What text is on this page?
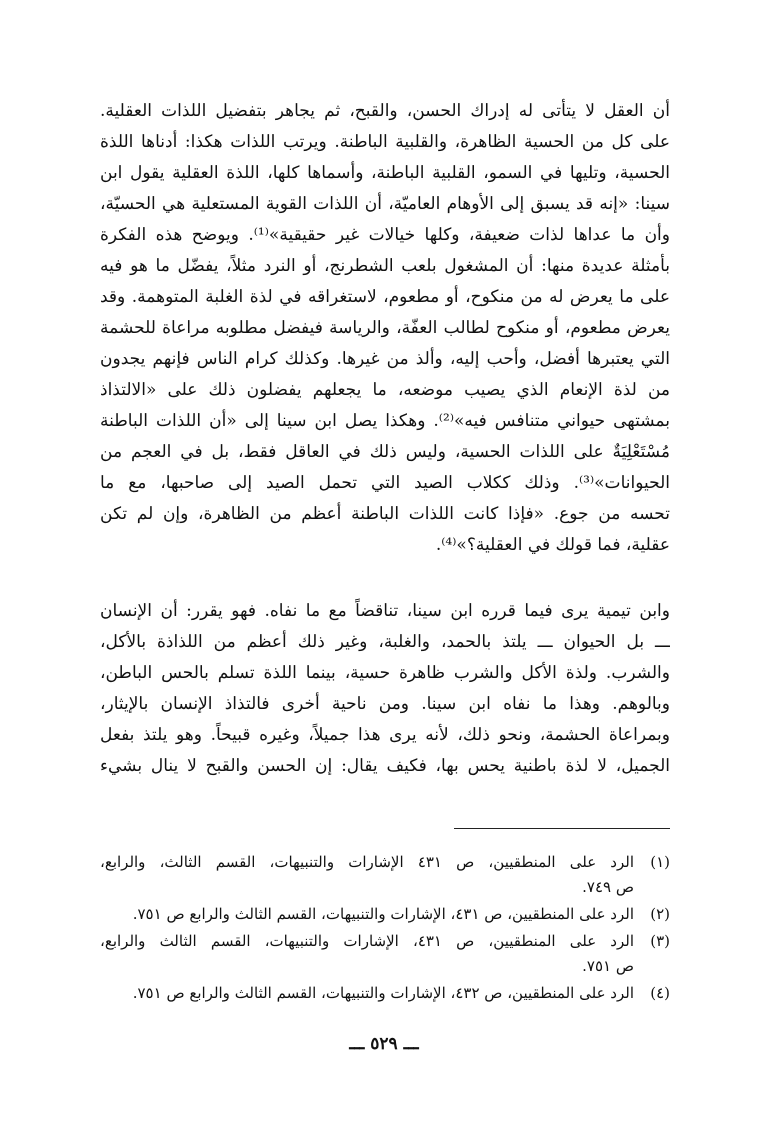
أن العقل لا يتأتى له إدراك الحسن، والقبح، ثم يجاهر بتفضيل اللذات العقلية.
على كل من الحسية الظاهرة، والقلبية الباطنة. ويرتب اللذات هكذا: أدناها اللذة
الحسية، وتليها في السمو، القلبية الباطنة، وأسماها كلها، اللذة العقلية يقول ابن
سينا: «إنه قد يسبق إلى الأوهام العاميّة، أن اللذات القوية المستعلية هي الحسيّة،
وأن ما عداها لذات ضعيفة، وكلها خيالات غير حقيقية»⁽¹⁾. ويوضح هذه الفكرة
بأمثلة عديدة منها: أن المشغول بلعب الشطرنج، أو النرد مثلاً، يفضّل ما هو فيه
على ما يعرض له من منكوح، أو مطعوم، لاستغراقه في لذة الغلبة المتوهمة. وقد
يعرض مطعوم، أو منكوح لطالب العفّة، والرياسة فيفضل مطلوبه مراعاة للحشمة
التي يعتبرها أفضل، وأحب إليه، وألذ من غيرها. وكذلك كرام الناس فإنهم يجدون
من لذة الإنعام الذي يصيب موضعه، ما يجعلهم يفضلون ذلك على «الالتذاذ
بمشتهى حيواني متنافس فيه»⁽²⁾. وهكذا يصل ابن سينا إلى «أن اللذات الباطنة
مُسْتَعْلِيَةٌ على اللذات الحسية، وليس ذلك في العاقل فقط، بل في العجم من
الحيوانات»⁽³⁾. وذلك ككلاب الصيد التي تحمل الصيد إلى صاحبها، مع ما
تحسه من جوع. «فإذا كانت اللذات الباطنة أعظم من الظاهرة، وإن لم تكن
عقلية، فما قولك في العقلية؟»⁽⁴⁾.
وابن تيمية يرى فيما قرره ابن سينا، تناقضاً مع ما نفاه. فهو يقرر: أن الإنسان
ـــ بل الحيوان ـــ يلتذ بالحمد، والغلبة، وغير ذلك أعظم من اللذاذة بالأكل،
والشرب. ولذة الأكل والشرب ظاهرة حسية، بينما اللذة تسلم بالحس الباطن،
وبالوهم. وهذا ما نفاه ابن سينا. ومن ناحية أخرى فالتذاذ الإنسان بالإيثار،
وبمراعاة الحشمة، ونحو ذلك، لأنه يرى هذا جميلاً، وغيره قبيحاً. وهو يلتذ بفعل
الجميل، لا لذة باطنية يحس بها، فكيف يقال: إن الحسن والقبح لا ينال بشيء
(١)
الرد على المنطقيين، ص ٤٣١ الإشارات والتنبيهات، القسم الثالث، والرابع،
ص ٧٤٩.
(٢)
الرد على المنطقيين، ص ٤٣١، الإشارات والتنبيهات، القسم الثالث والرابع ص ٧٥١.
(٣)
الرد على المنطقيين، ص ٤٣١، الإشارات والتنبيهات، القسم الثالث والرابع،
ص ٧٥١.
(٤)
الرد على المنطقيين، ص ٤٣٢، الإشارات والتنبيهات، القسم الثالث والرابع ص ٧٥١.
ـــ ٥٢٩ ـــ
